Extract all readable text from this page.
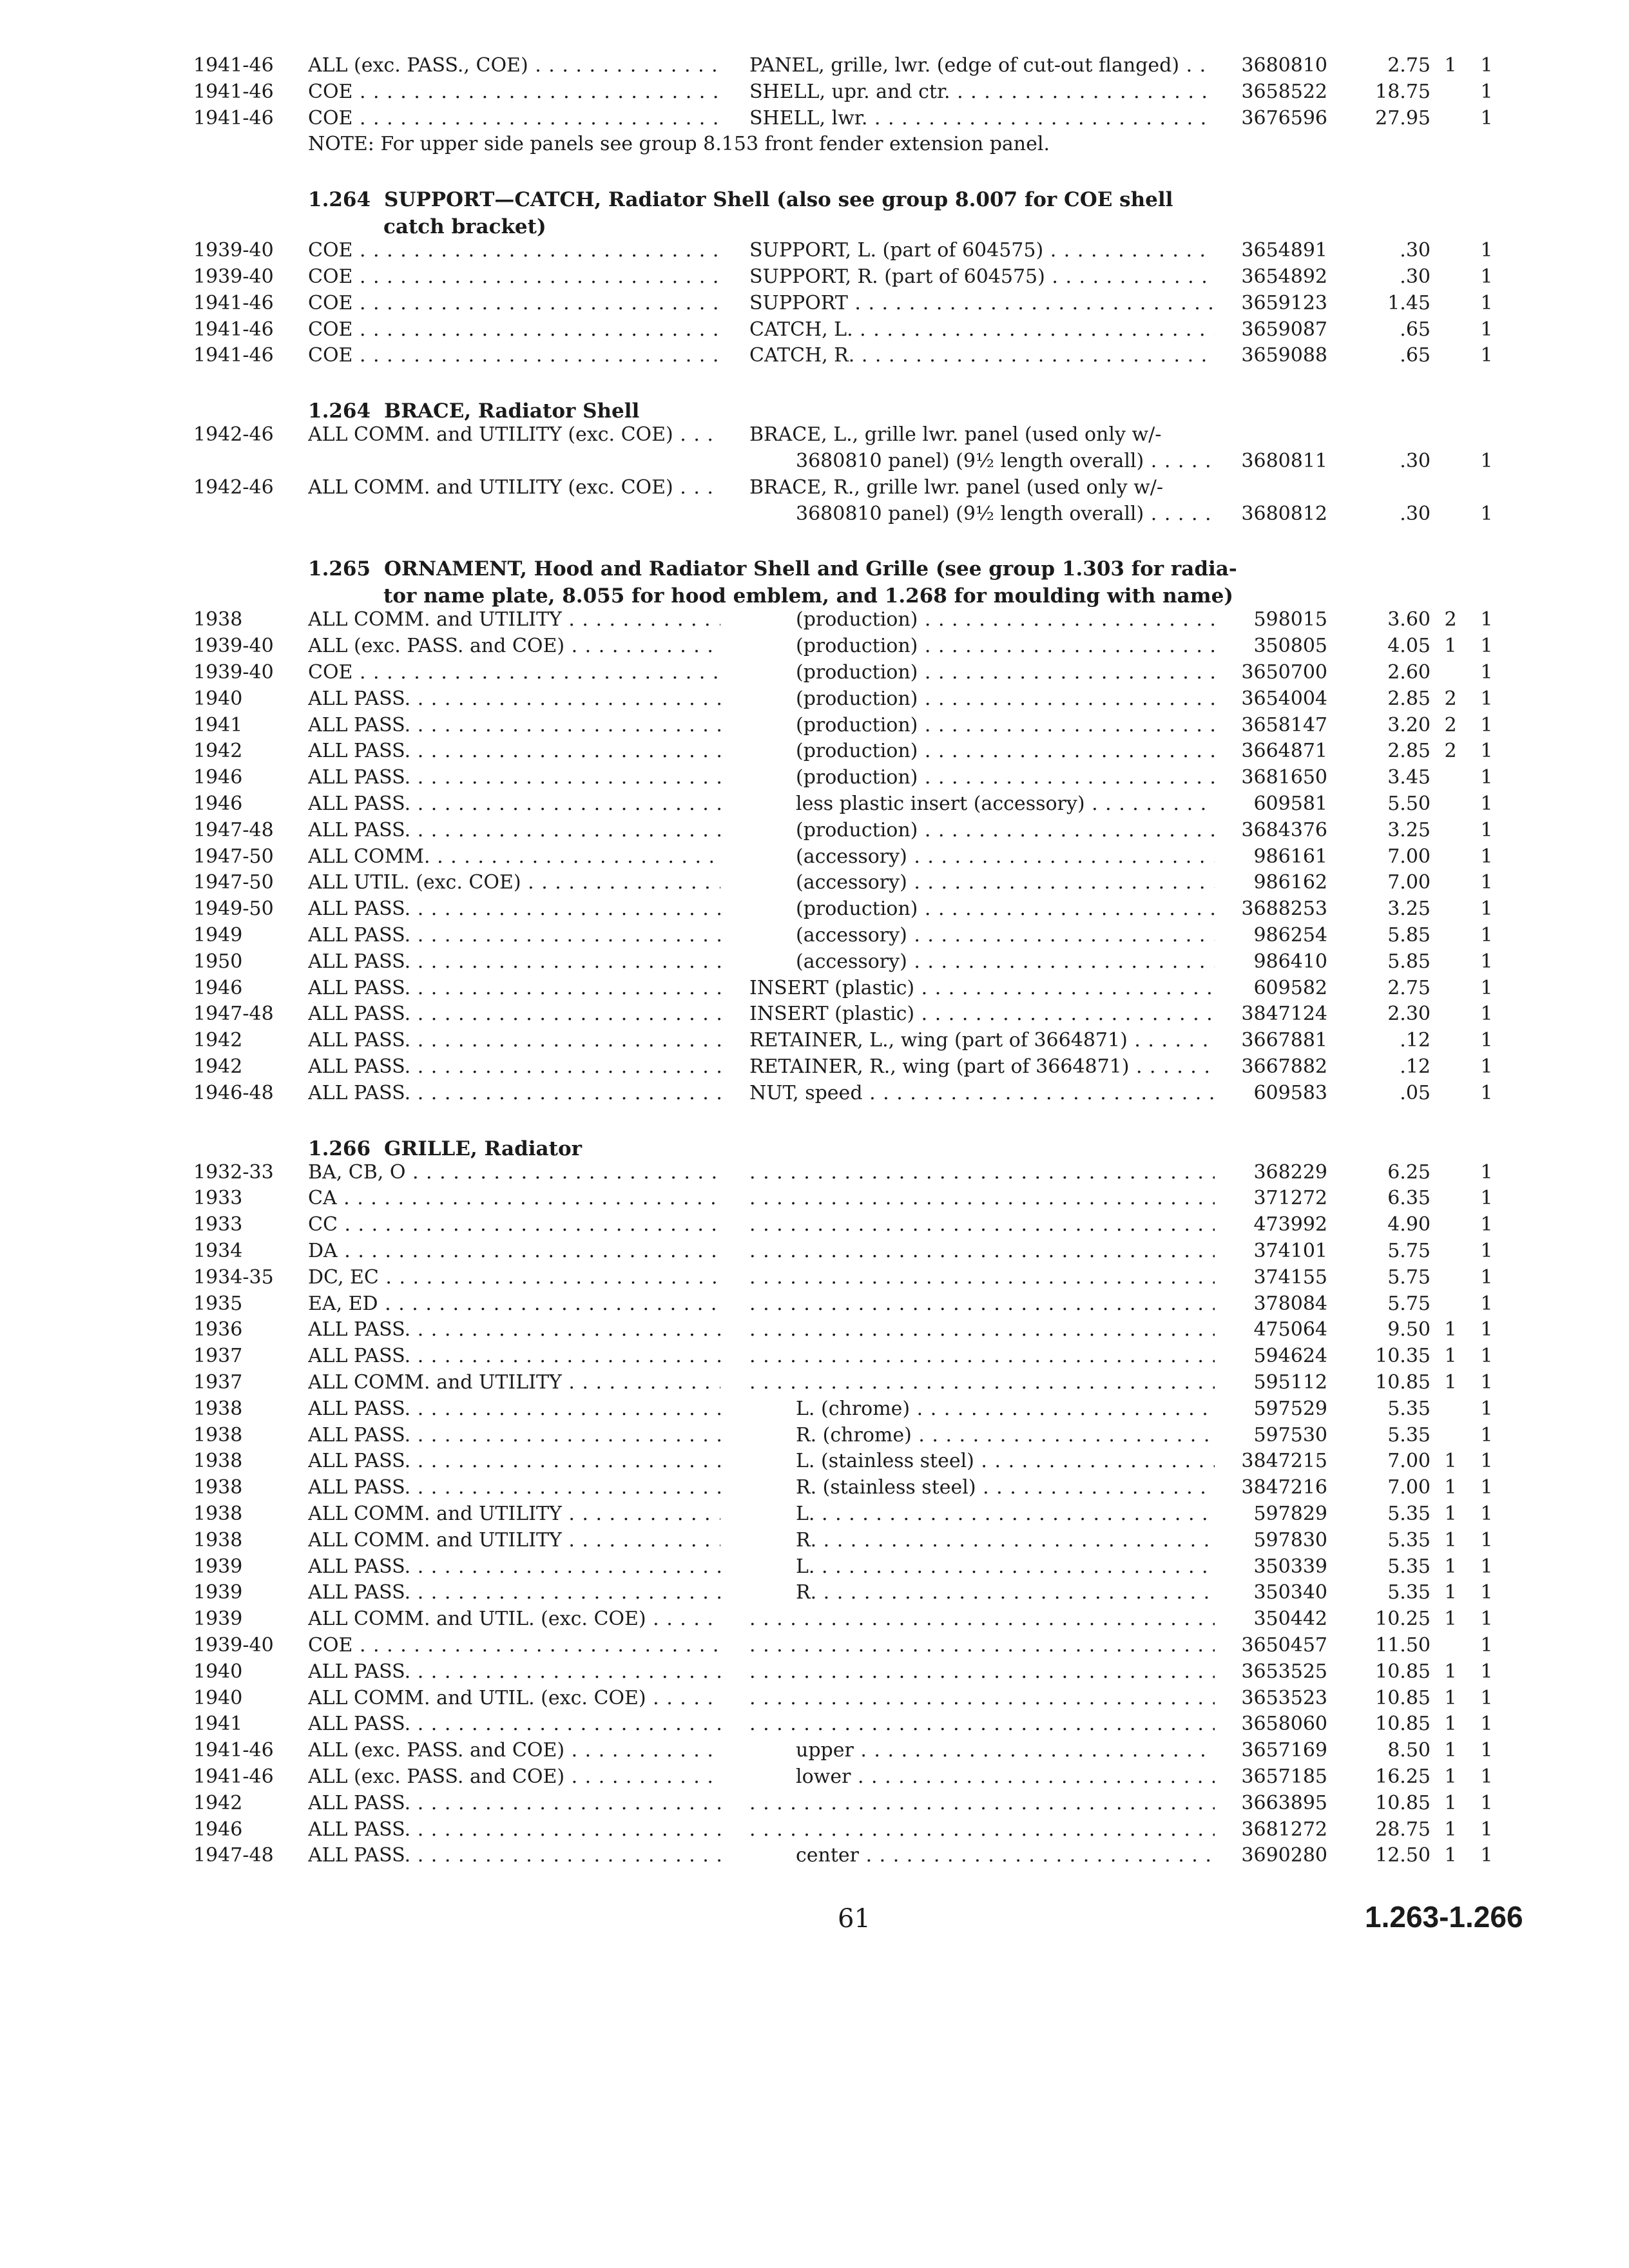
1941-46 ALL (exc. PASS., COE) . . .	PANEL, grille, lwr. (edge of cut-out flanged) . . .	3680810	2.75 1 1
1941-46 COE . . .	SHELL, upr. and ctr. . . .	3658522	18.75	1
1941-46 COE . . .	SHELL, lwr. . . .	3676596	27.95	1
NOTE: For upper side panels see group 8.153 front fender extension panel.
1.264 SUPPORT—CATCH, Radiator Shell (also see group 8.007 for COE shell
catch bracket)
1939-40 COE . . .	SUPPORT, L. (part of 604575) . . .	3654891	.30	1
1939-40 COE . . .	SUPPORT, R. (part of 604575) . . .	3654892	.30	1
1941-46 COE . . .	SUPPORT . . .	3659123	1.45	1
1941-46 COE . . .	CATCH, L. . . .	3659087	.65	1
1941-46 COE . . .	CATCH, R. . . .	3659088	.65	1
1.264 BRACE, Radiator Shell
1942-46 ALL COMM. and UTILITY (exc. COE) . . .	BRACE, L., grille lwr. panel (used only w/-
3680810 panel) (9½ length overall) . . .	3680811	.30	1
1942-46 ALL COMM. and UTILITY (exc. COE) . . .	BRACE, R., grille lwr. panel (used only w/-
3680810 panel) (9½ length overall) . . .	3680812	.30	1
1.265 ORNAMENT, Hood and Radiator Shell and Grille (see group 1.303 for radia-
tor name plate, 8.055 for hood emblem, and 1.268 for moulding with name)
1938	ALL COMM. and UTILITY . . .	(production) . . .	598015	3.60 2 1
1939-40 ALL (exc. PASS. and COE) . . .	(production) . . .	350805	4.05 1 1
1939-40 COE . . .	(production) . . .	3650700	2.60	1
1940	ALL PASS. . . .	(production) . . .	3654004	2.85 2 1
1941	ALL PASS. . . .	(production) . . .	3658147	3.20 2 1
1942	ALL PASS. . . .	(production) . . .	3664871	2.85 2 1
1946	ALL PASS. . . .	(production) . . .	3681650	3.45	1
1946	ALL PASS. . . .	less plastic insert (accessory) . . .	609581	5.50	1
1947-48 ALL PASS. . . .	(production) . . .	3684376	3.25	1
1947-50 ALL COMM. . . .	(accessory) . . .	986161	7.00	1
1947-50 ALL UTIL. (exc. COE) . . .	(accessory) . . .	986162	7.00	1
1949-50 ALL PASS. . . .	(production) . . .	3688253	3.25	1
1949	ALL PASS. . . .	(accessory) . . .	986254	5.85	1
1950	ALL PASS. . . .	(accessory) . . .	986410	5.85	1
1946	ALL PASS. . . .	INSERT (plastic) . . .	609582	2.75	1
1947-48 ALL PASS. . . .	INSERT (plastic) . . .	3847124	2.30	1
1942	ALL PASS. . . .	RETAINER, L., wing (part of 3664871) . . .	3667881	.12	1
1942	ALL PASS. . . .	RETAINER, R., wing (part of 3664871) . . .	3667882	.12	1
1946-48 ALL PASS. . . .	NUT, speed . . .	609583	.05	1
1.266 GRILLE, Radiator
1932-33 BA, CB, O . . . . . .	368229	6.25	1
1933	CA . . . . . .	371272	6.35	1
1933	CC . . . . . .	473992	4.90	1
1934	DA . . . . . .	374101	5.75	1
1934-35 DC, EC . . . . . .	374155	5.75	1
1935	EA, ED . . . . . .	378084	5.75	1
1936	ALL PASS. . . . . . .	475064	9.50 1 1
1937	ALL PASS. . . . . . .	594624	10.35 1 1
1937	ALL COMM. and UTILITY . . . . . .	595112	10.85 1 1
1938	ALL PASS. . . .	L. (chrome) . . .	597529	5.35	1
1938	ALL PASS. . . .	R. (chrome) . . .	597530	5.35	1
1938	ALL PASS. . . .	L. (stainless steel) . . .	3847215	7.00 1 1
1938	ALL PASS. . . .	R. (stainless steel) . . .	3847216	7.00 1 1
1938	ALL COMM. and UTILITY . . .	L. . . .	597829	5.35 1 1
1938	ALL COMM. and UTILITY . . .	R. . . .	597830	5.35 1 1
1939	ALL PASS. . . .	L. . . .	350339	5.35 1 1
1939	ALL PASS. . . .	R. . . .	350340	5.35 1 1
1939	ALL COMM. and UTIL. (exc. COE) . . . . . .	350442	10.25 1 1
1939-40 COE . . . . . .	3650457	11.50	1
1940	ALL PASS. . . . . . .	3653525	10.85 1 1
1940	ALL COMM. and UTIL. (exc. COE) . . . . . .	3653523	10.85 1 1
1941	ALL PASS. . . . . . .	3658060	10.85 1 1
1941-46 ALL (exc. PASS. and COE) . . .	upper . . .	3657169	8.50 1 1
1941-46 ALL (exc. PASS. and COE) . . .	lower . . .	3657185	16.25 1 1
1942	ALL PASS. . . . . . .	3663895	10.85 1 1
1946	ALL PASS. . . . . . .	3681272	28.75 1 1
1947-48 ALL PASS. . . .	center . . .	3690280	12.50 1 1
61	1.263-1.266
